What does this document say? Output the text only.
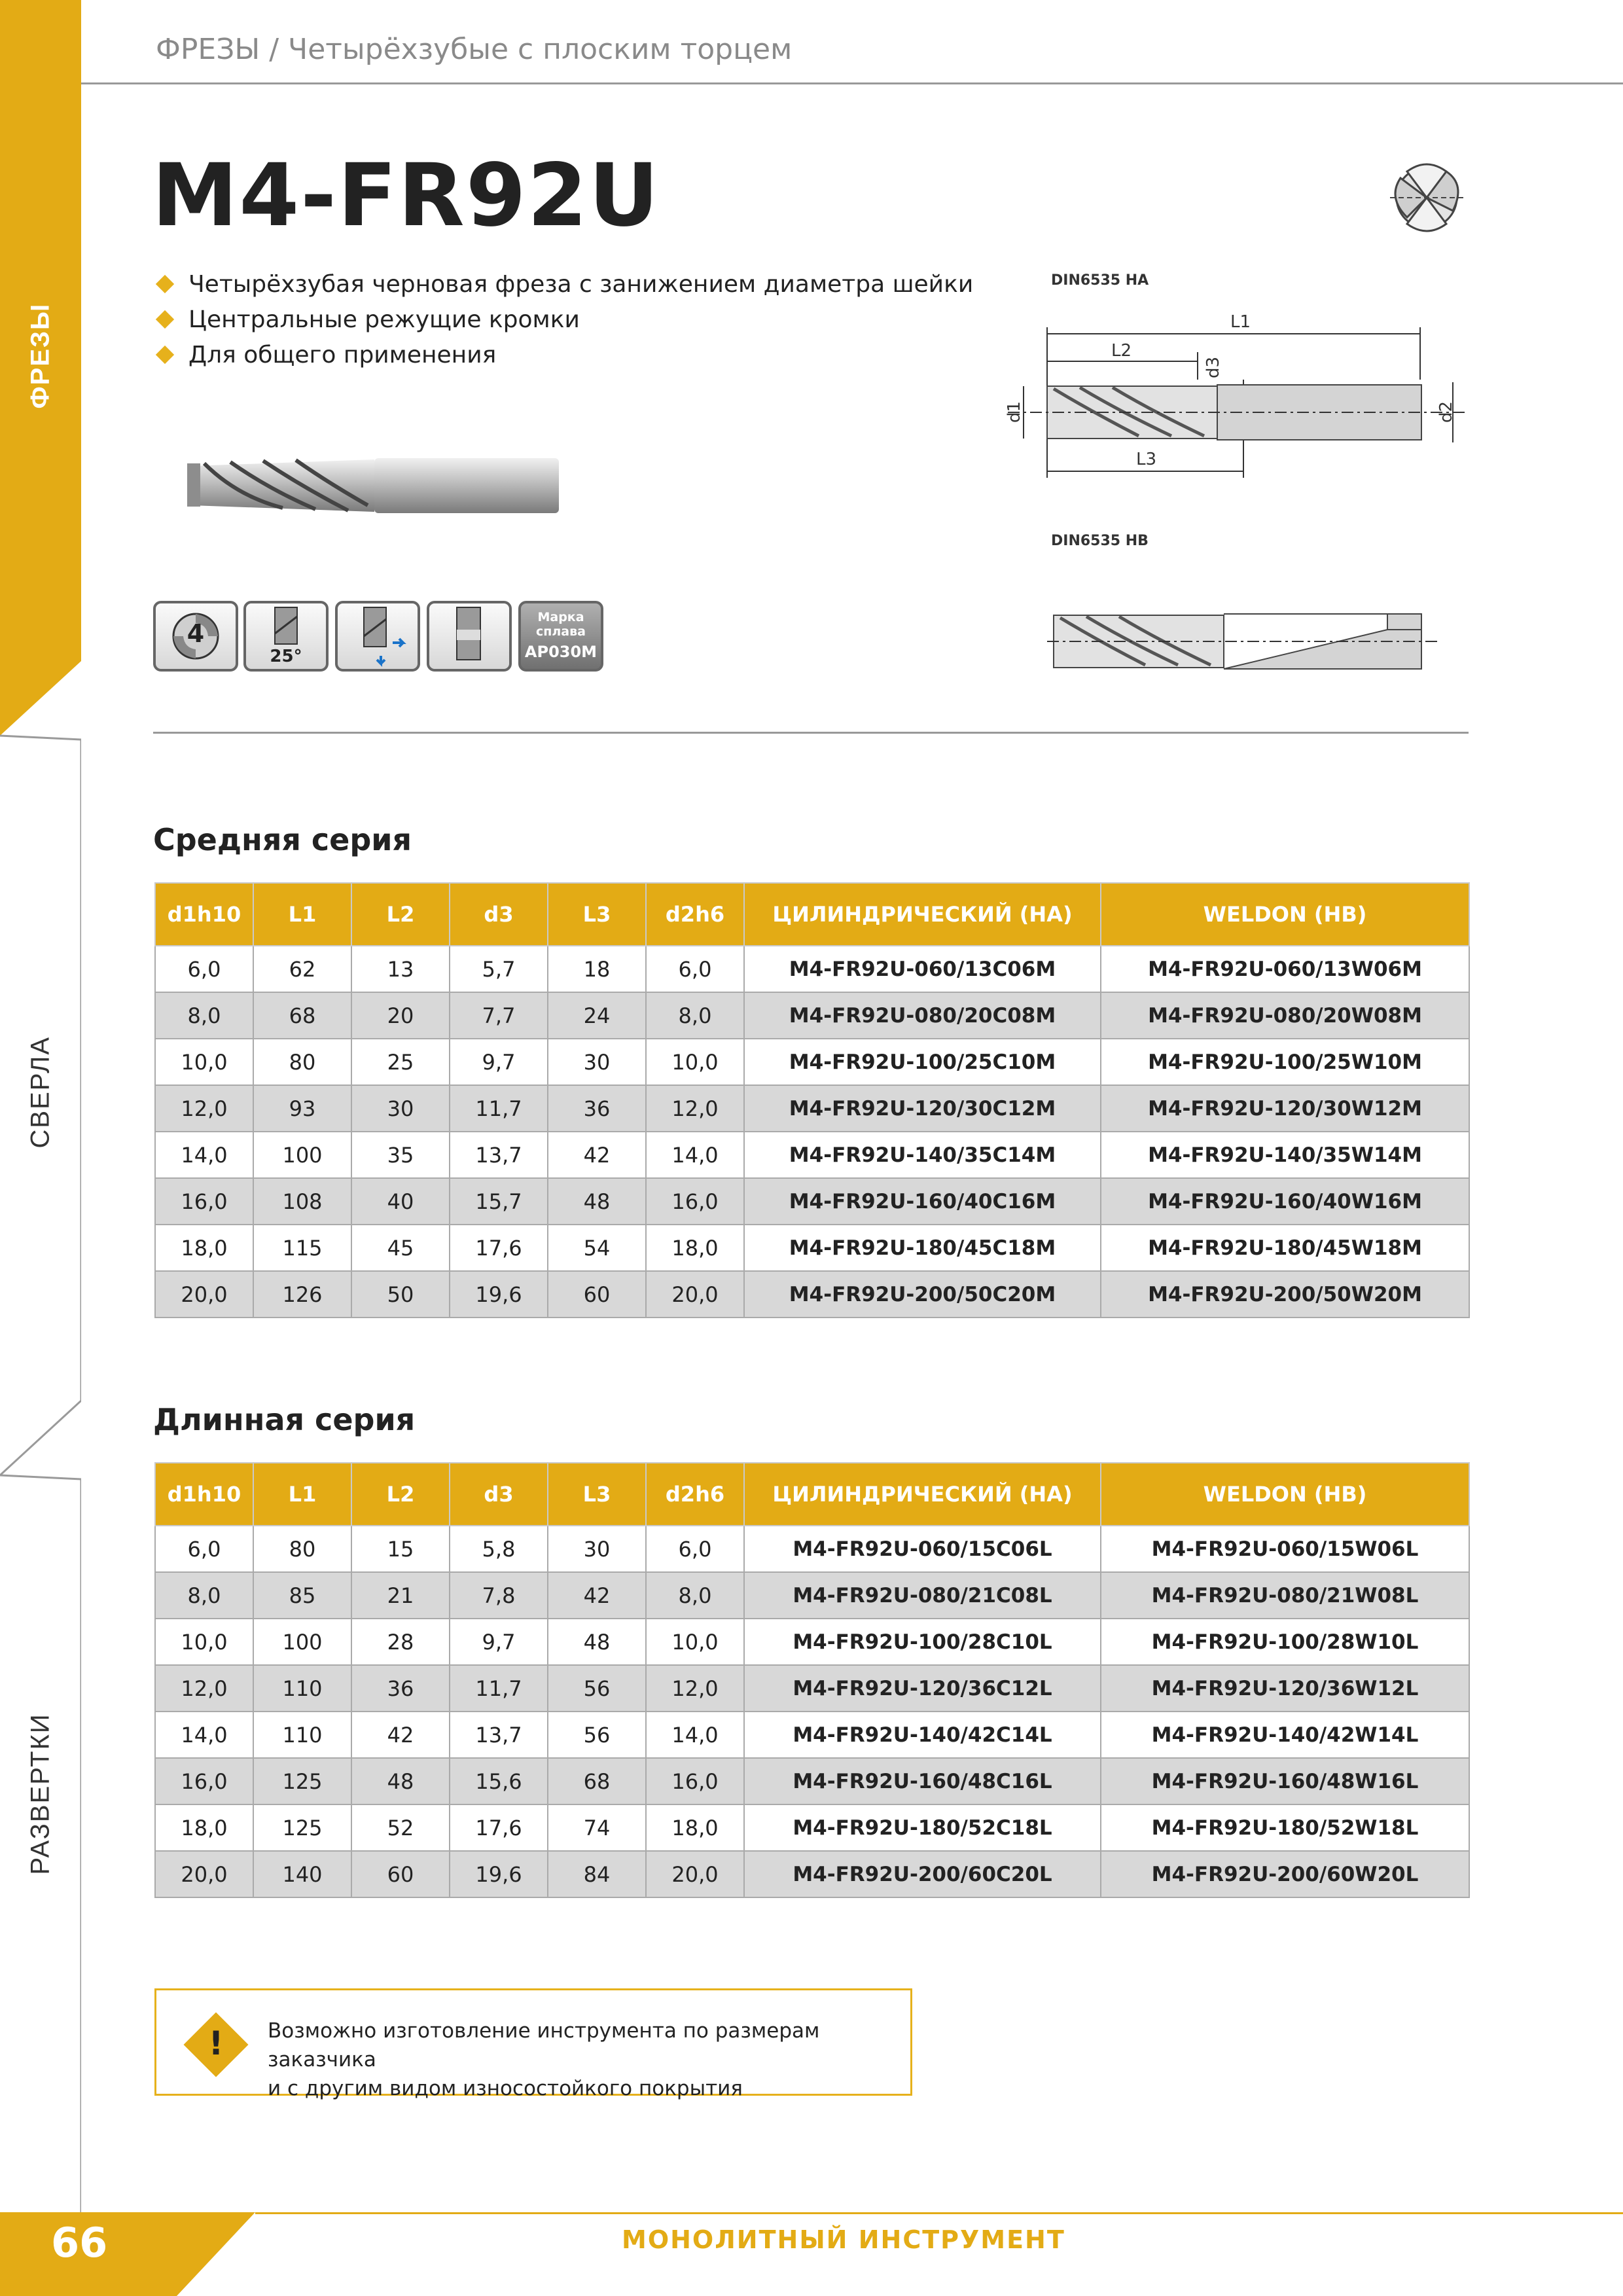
ФРЕЗЫ
СВЕРЛА
РАЗВЕРТКИ
ФРЕЗЫ / Четырёхзубые с плоским торцем
M4-FR92U
Четырёхзубая черновая фреза с занижением диаметра шейки
Центральные режущие кромки
Для общего применения
4
25°
Марка
сплава
AP030M
DIN6535 HA
L1
L2
L3
d1	d2
d3
DIN6535 HB
Средняя серия
d1h10	L1	L2	d3	L3	d2h6	ЦИЛИНДРИЧЕСКИЙ (HA)	WELDON (HB)
6,0	62	13	5,7	18	6,0	M4-FR92U-060/13C06M	M4-FR92U-060/13W06M
8,0	68	20	7,7	24	8,0	M4-FR92U-080/20C08M	M4-FR92U-080/20W08M
10,0	80	25	9,7	30	10,0	M4-FR92U-100/25C10M	M4-FR92U-100/25W10M
12,0	93	30	11,7	36	12,0	M4-FR92U-120/30C12M	M4-FR92U-120/30W12M
14,0	100	35	13,7	42	14,0	M4-FR92U-140/35C14M	M4-FR92U-140/35W14M
16,0	108	40	15,7	48	16,0	M4-FR92U-160/40C16M	M4-FR92U-160/40W16M
18,0	115	45	17,6	54	18,0	M4-FR92U-180/45C18M	M4-FR92U-180/45W18M
20,0	126	50	19,6	60	20,0	M4-FR92U-200/50C20M	M4-FR92U-200/50W20M
Длинная серия
d1h10	L1	L2	d3	L3	d2h6	ЦИЛИНДРИЧЕСКИЙ (HA)	WELDON (HB)
6,0	80	15	5,8	30	6,0	M4-FR92U-060/15C06L	M4-FR92U-060/15W06L
8,0	85	21	7,8	42	8,0	M4-FR92U-080/21C08L	M4-FR92U-080/21W08L
10,0	100	28	9,7	48	10,0	M4-FR92U-100/28C10L	M4-FR92U-100/28W10L
12,0	110	36	11,7	56	12,0	M4-FR92U-120/36C12L	M4-FR92U-120/36W12L
14,0	110	42	13,7	56	14,0	M4-FR92U-140/42C14L	M4-FR92U-140/42W14L
16,0	125	48	15,6	68	16,0	M4-FR92U-160/48C16L	M4-FR92U-160/48W16L
18,0	125	52	17,6	74	18,0	M4-FR92U-180/52C18L	M4-FR92U-180/52W18L
20,0	140	60	19,6	84	20,0	M4-FR92U-200/60C20L	M4-FR92U-200/60W20L
!	Возможно изготовление инструмента по размерам заказчика
и с другим видом износостойкого покрытия
66	МОНОЛИТНЫЙ ИНСТРУМЕНТ
